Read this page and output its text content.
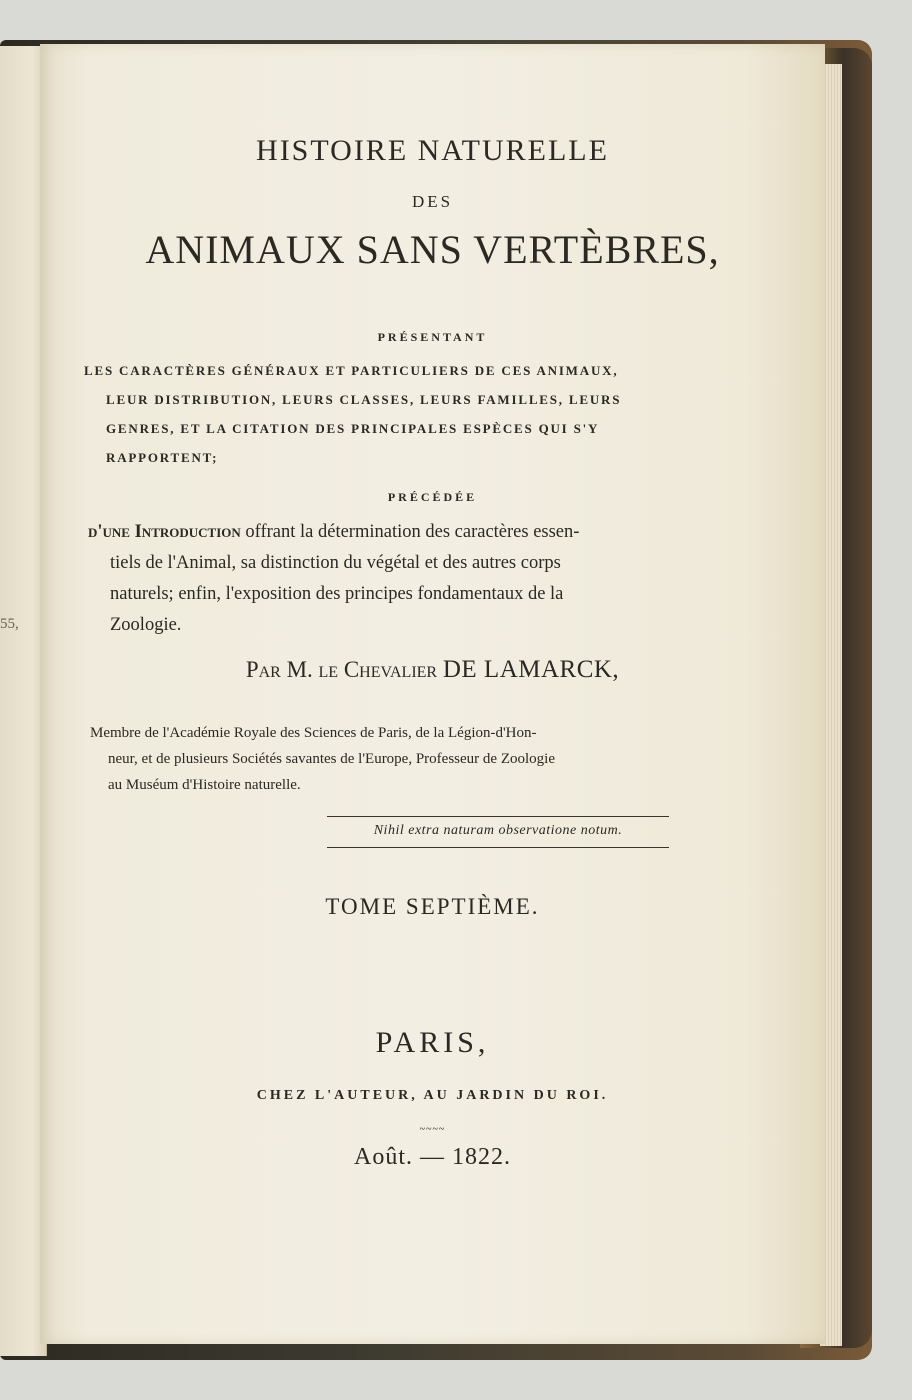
55,
HISTOIRE NATURELLE
DES
ANIMAUX SANS VERTÈBRES,
PRÉSENTANT
LES CARACTÈRES GÉNÉRAUX ET PARTICULIERS DE CES ANIMAUX,
LEUR DISTRIBUTION, LEURS CLASSES, LEURS FAMILLES, LEURS
GENRES, ET LA CITATION DES PRINCIPALES ESPÈCES QUI S'Y
RAPPORTENT;
PRÉCÉDÉE
d'une Introduction offrant la détermination des caractères essen-
tiels de l'Animal, sa distinction du végétal et des autres corps
naturels; enfin, l'exposition des principes fondamentaux de la
Zoologie.
Par M. le Chevalier DE LAMARCK,
Membre de l'Académie Royale des Sciences de Paris, de la Légion-d'Hon-
neur, et de plusieurs Sociétés savantes de l'Europe, Professeur de Zoologie
au Muséum d'Histoire naturelle.
Nihil extra naturam observatione notum.
TOME SEPTIÈME.
PARIS,
CHEZ L'AUTEUR, AU JARDIN DU ROI.
~~~~
Août. — 1822.
